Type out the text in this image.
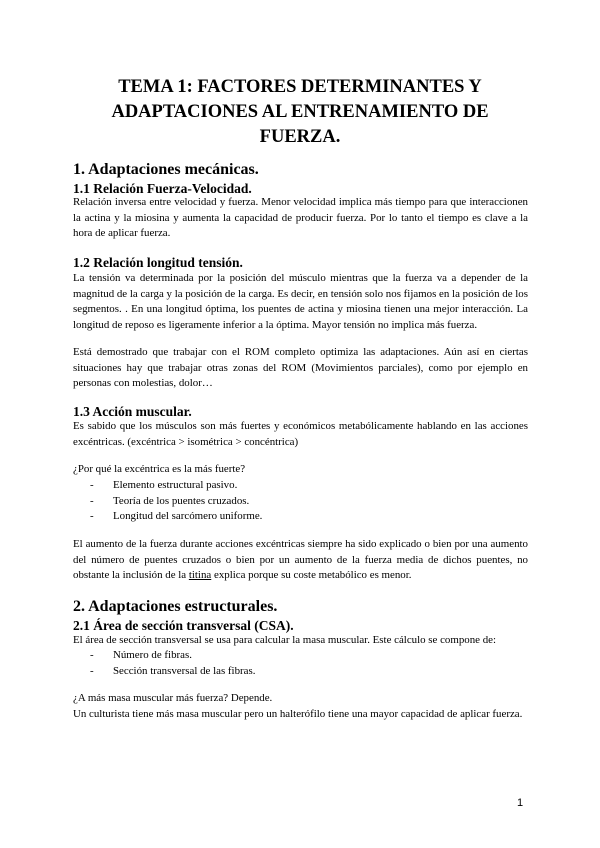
TEMA 1: FACTORES DETERMINANTES Y ADAPTACIONES AL ENTRENAMIENTO DE FUERZA.
1. Adaptaciones mecánicas.
1.1 Relación Fuerza-Velocidad.

Relación inversa entre velocidad y fuerza. Menor velocidad implica más tiempo para que interaccionen la actina y la miosina y aumenta la capacidad de producir fuerza. Por lo tanto el tiempo es clave a la hora de aplicar fuerza.

1.2 Relación longitud tensión.

La tensión va determinada por la posición del músculo mientras que la fuerza va a depender de la magnitud de la carga y la posición de la carga. Es decir, en tensión solo nos fijamos en la posición de los segmentos. . En una longitud óptima, los puentes de actina y miosina tienen una mejor interacción. La longitud de reposo es ligeramente inferior a la óptima. Mayor tensión no implica más fuerza.

Está demostrado que trabajar con el ROM completo optimiza las adaptaciones. Aún así en ciertas situaciones hay que trabajar otras zonas del ROM (Movimientos parciales), como por ejemplo en personas con molestias, dolor…

1.3 Acción muscular.

Es sabido que los músculos son más fuertes y económicos metabólicamente hablando en las acciones excéntricas. (excéntrica > isométrica > concéntrica)

¿Por qué la excéntrica es la más fuerte?

- Elemento estructural pasivo.
- Teoría de los puentes cruzados.
- Longitud del sarcómero uniforme.

El aumento de la fuerza durante acciones excéntricas siempre ha sido explicado o bien por una aumento del número de puentes cruzados o bien por un aumento de la fuerza media de dichos puentes, no obstante la inclusión de la titina explica porque su coste metabólico es menor.

2. Adaptaciones estructurales.
2.1 Área de sección transversal (CSA).

El área de sección transversal se usa para calcular la masa muscular. Este cálculo se compone de:

- Número de fibras.
- Sección transversal de las fibras.

¿A más masa muscular más fuerza? Depende.

Un culturista tiene más masa muscular pero un halterófilo tiene una mayor capacidad de aplicar fuerza.

1
